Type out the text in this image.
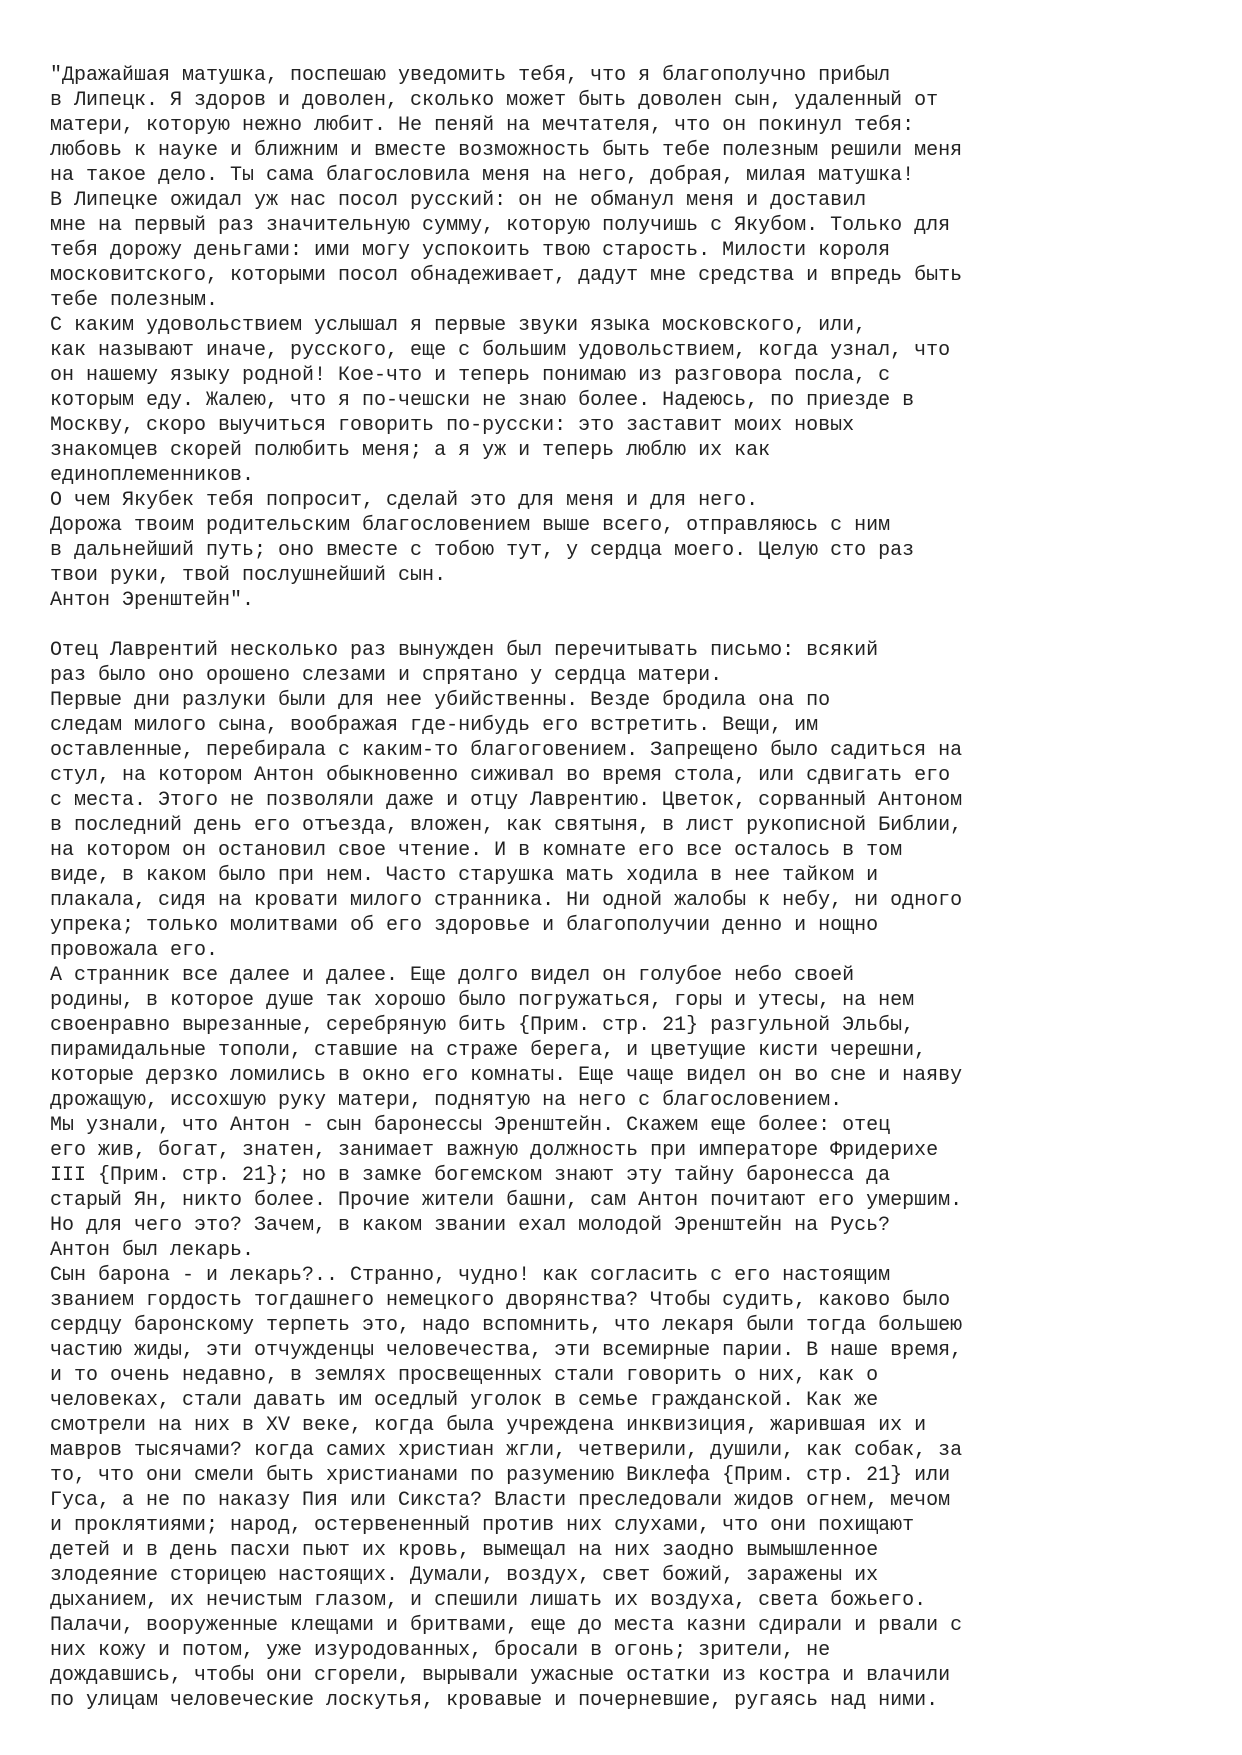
"Дражайшая матушка, поспешаю уведомить тебя, что я благополучно прибыл
в Липецк. Я здоров и доволен, сколько может быть доволен сын, удаленный от
матери, которую нежно любит. Не пеняй на мечтателя, что он покинул тебя:
любовь к науке и ближним и вместе возможность быть тебе полезным решили меня
на такое дело. Ты сама благословила меня на него, добрая, милая матушка!
В Липецке ожидал уж нас посол русский: он не обманул меня и доставил
мне на первый раз значительную сумму, которую получишь с Якубом. Только для
тебя дорожу деньгами: ими могу успокоить твою старость. Милости короля
московитского, которыми посол обнадеживает, дадут мне средства и впредь быть
тебе полезным.
С каким удовольствием услышал я первые звуки языка московского, или,
как называют иначе, русского, еще с большим удовольствием, когда узнал, что
он нашему языку родной! Кое-что и теперь понимаю из разговора посла, с
которым еду. Жалею, что я по-чешски не знаю более. Надеюсь, по приезде в
Москву, скоро выучиться говорить по-русски: это заставит моих новых
знакомцев скорей полюбить меня; а я уж и теперь люблю их как
единоплеменников.
О чем Якубек тебя попросит, сделай это для меня и для него.
Дорожа твоим родительским благословением выше всего, отправляюсь с ним
в дальнейший путь; оно вместе с тобою тут, у сердца моего. Целую сто раз
твои руки, твой послушнейший сын.
Антон Эренштейн".
Отец Лаврентий несколько раз вынужден был перечитывать письмо: всякий
раз было оно орошено слезами и спрятано у сердца матери.
Первые дни разлуки были для нее убийственны. Везде бродила она по
следам милого сына, воображая где-нибудь его встретить. Вещи, им
оставленные, перебирала с каким-то благоговением. Запрещено было садиться на
стул, на котором Антон обыкновенно сиживал во время стола, или сдвигать его
с места. Этого не позволяли даже и отцу Лаврентию. Цветок, сорванный Антоном
в последний день его отъезда, вложен, как святыня, в лист рукописной Библии,
на котором он остановил свое чтение. И в комнате его все осталось в том
виде, в каком было при нем. Часто старушка мать ходила в нее тайком и
плакала, сидя на кровати милого странника. Ни одной жалобы к небу, ни одного
упрека; только молитвами об его здоровье и благополучии денно и нощно
провожала его.
А странник все далее и далее. Еще долго видел он голубое небо своей
родины, в которое душе так хорошо было погружаться, горы и утесы, на нем
своенравно вырезанные, серебряную бить {Прим. стр. 21} разгульной Эльбы,
пирамидальные тополи, ставшие на страже берега, и цветущие кисти черешни,
которые дерзко ломились в окно его комнаты. Еще чаще видел он во сне и наяву
дрожащую, иссохшую руку матери, поднятую на него с благословением.
Мы узнали, что Антон - сын баронессы Эренштейн. Скажем еще более: отец
его жив, богат, знатен, занимает важную должность при императоре Фридерихе
III {Прим. стр. 21}; но в замке богемском знают эту тайну баронесса да
старый Ян, никто более. Прочие жители башни, сам Антон почитают его умершим.
Но для чего это? Зачем, в каком звании ехал молодой Эренштейн на Русь?
Антон был лекарь.
Сын барона - и лекарь?.. Странно, чудно! как согласить с его настоящим
званием гордость тогдашнего немецкого дворянства? Чтобы судить, каково было
сердцу баронскому терпеть это, надо вспомнить, что лекаря были тогда большею
частию жиды, эти отчужденцы человечества, эти всемирные парии. В наше время,
и то очень недавно, в землях просвещенных стали говорить о них, как о
человеках, стали давать им оседлый уголок в семье гражданской. Как же
смотрели на них в XV веке, когда была учреждена инквизиция, жарившая их и
мавров тысячами? когда самих христиан жгли, четверили, душили, как собак, за
то, что они смели быть христианами по разумению Виклефа {Прим. стр. 21} или
Гуса, а не по наказу Пия или Сикста? Власти преследовали жидов огнем, мечом
и проклятиями; народ, остервененный против них слухами, что они похищают
детей и в день пасхи пьют их кровь, вымещал на них заодно вымышленное
злодеяние сторицею настоящих. Думали, воздух, свет божий, заражены их
дыханием, их нечистым глазом, и спешили лишать их воздуха, света божьего.
Палачи, вооруженные клещами и бритвами, еще до места казни сдирали и рвали с
них кожу и потом, уже изуродованных, бросали в огонь; зрители, не
дождавшись, чтобы они сгорели, вырывали ужасные остатки из костра и влачили
по улицам человеческие лоскутья, кровавые и почерневшие, ругаясь над ними.
